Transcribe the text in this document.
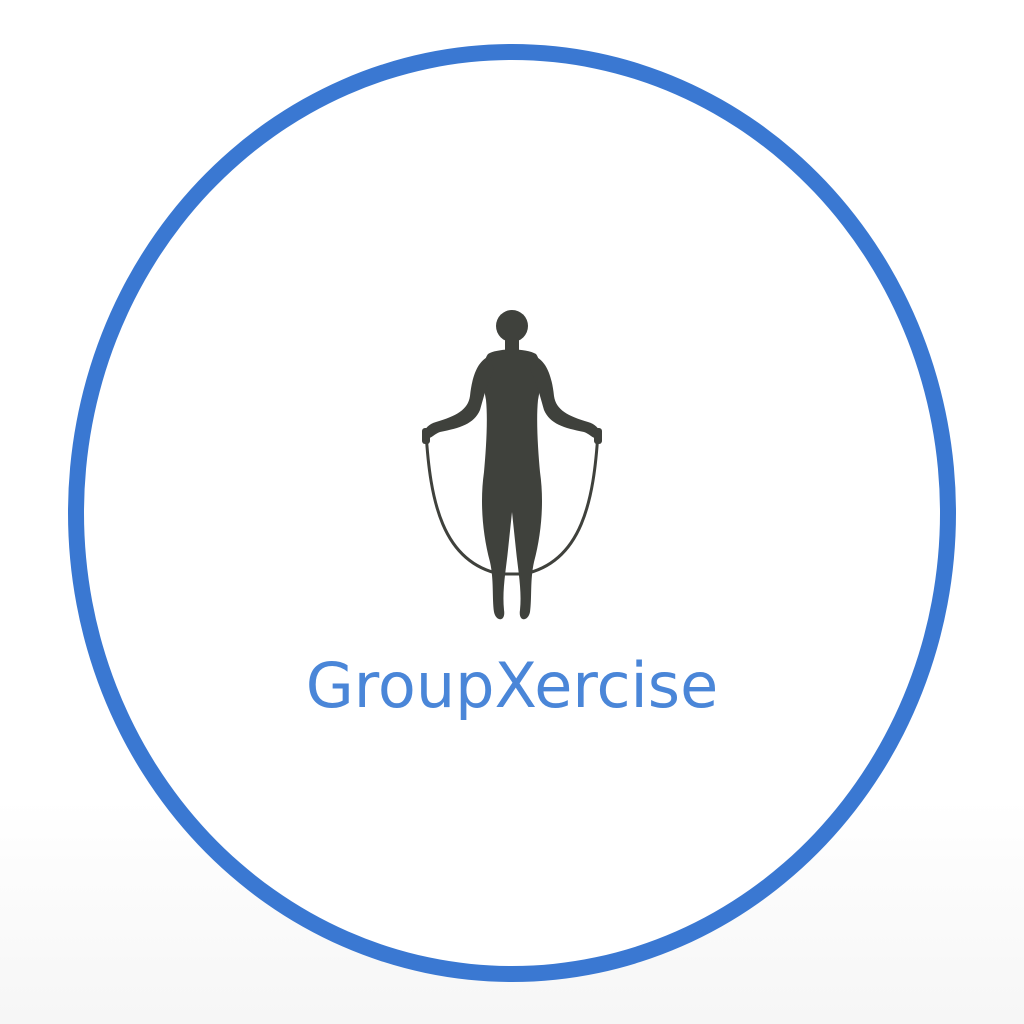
GroupXercise
